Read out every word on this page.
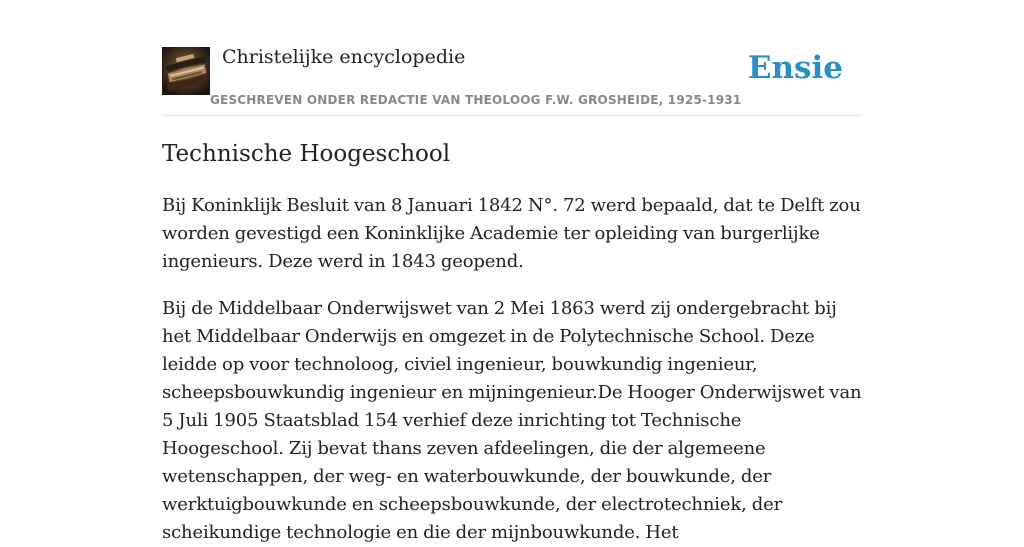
Christelijke encyclopedie
GESCHREVEN ONDER REDACTIE VAN THEOLOOG F.W. GROSHEIDE, 1925-1931
Ensie
Technische Hoogeschool

Bij Koninklijk Besluit van 8 Januari 1842 N°. 72 werd bepaald, dat te Delft zou worden gevestigd een Koninklijke Academie ter opleiding van burgerlijke ingenieurs. Deze werd in 1843 geopend.

Bij de Middelbaar Onderwijswet van 2 Mei 1863 werd zij ondergebracht bij het Middelbaar Onderwijs en omgezet in de Polytechnische School. Deze leidde op voor technoloog, civiel ingenieur, bouwkundig ingenieur, scheepsbouwkundig ingenieur en mijningenieur.De Hooger Onderwijswet van 5 Juli 1905 Staatsblad 154 verhief deze inrichting tot Technische Hoogeschool. Zij bevat thans zeven afdeelingen, die der algemeene wetenschappen, der weg- en waterbouwkunde, der bouwkunde, der werktuigbouwkunde en scheepsbouwkunde, der electrotechniek, der scheikundige technologie en die der mijnbouwkunde. Het
